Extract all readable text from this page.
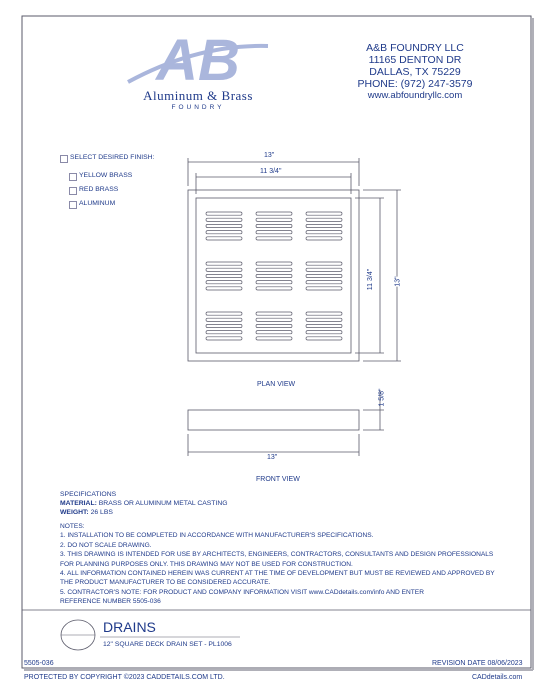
AB
Aluminum & Brass
FOUNDRY
A&B FOUNDRY LLC
11165 DENTON DR
DALLAS, TX 75229
PHONE: (972) 247-3579
www.abfoundryllc.com
SELECT DESIRED FINISH:
YELLOW BRASS
RED BRASS
ALUMINUM
13"
11 3/4"
11 3/4"	13"
PLAN VIEW
1 5/8"
13"
FRONT VIEW
SPECIFICATIONS
MATERIAL: BRASS OR ALUMINUM METAL CASTING
WEIGHT: 26 LBS
NOTES:
1. INSTALLATION TO BE COMPLETED IN ACCORDANCE WITH MANUFACTURER'S SPECIFICATIONS.
2. DO NOT SCALE DRAWING.
3. THIS DRAWING IS INTENDED FOR USE BY ARCHITECTS, ENGINEERS, CONTRACTORS, CONSULTANTS AND DESIGN PROFESSIONALS
FOR PLANNING PURPOSES ONLY. THIS DRAWING MAY NOT BE USED FOR CONSTRUCTION.
4. ALL INFORMATION CONTAINED HEREIN WAS CURRENT AT THE TIME OF DEVELOPMENT BUT MUST BE REVIEWED AND APPROVED BY
THE PRODUCT MANUFACTURER TO BE CONSIDERED ACCURATE.
5. CONTRACTOR'S NOTE: FOR PRODUCT AND COMPANY INFORMATION VISIT www.CADdetails.com/info AND ENTER
REFERENCE NUMBER 5505-036
DRAINS
12" SQUARE DECK DRAIN SET - PL1006
5505-036	REVISION DATE 08/06/2023
PROTECTED BY COPYRIGHT ©2023 CADDETAILS.COM LTD.	CADdetails.com
